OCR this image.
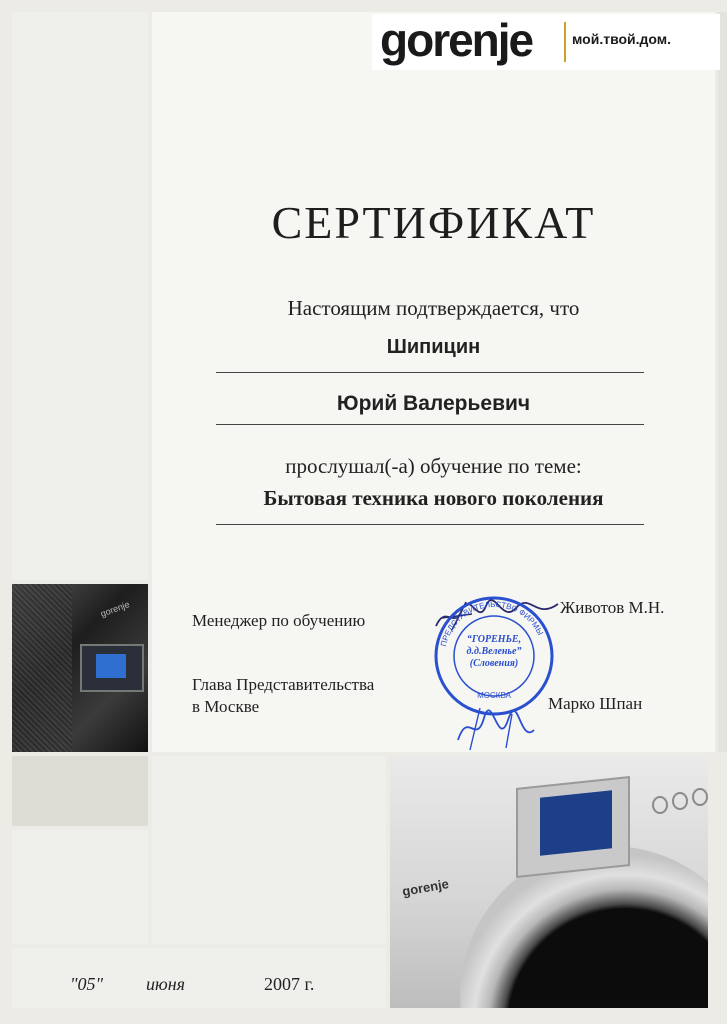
gorenje	мой.твой.дом.
СЕРТИФИКАТ
Настоящим подтверждается, что
Шипицин
Юрий Валерьевич
прослушал(-а) обучение по теме:
Бытовая техника нового поколения
Менеджер по обучению
Животов М.Н.
Глава Представительства
в Москве	Марко Шпан
ПРЕДСТАВИТЕЛЬСТВО ФИРМЫ
МОСКВА
“ГОРЕНЬЕ, д.д.Веленье” (Словения)
gorenje
gorenje
"05" июня	2007 г.
